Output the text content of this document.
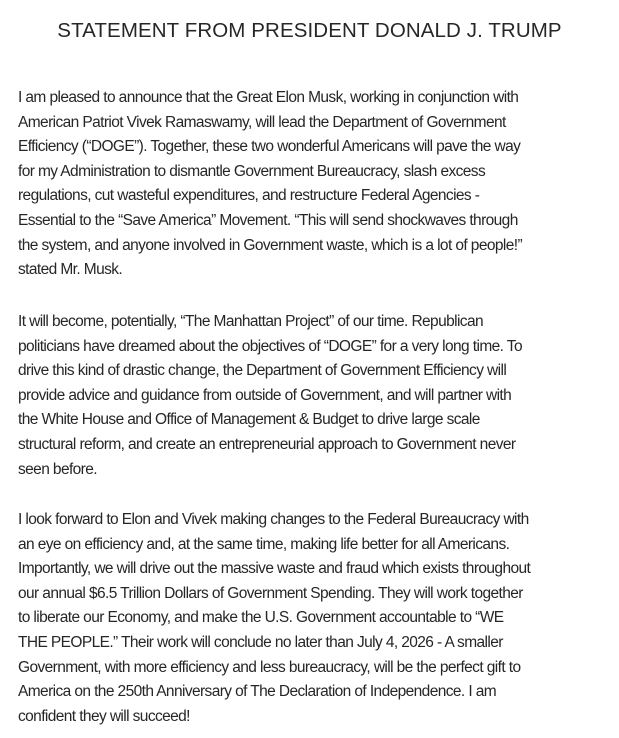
STATEMENT FROM PRESIDENT DONALD J. TRUMP
I am pleased to announce that the Great Elon Musk, working in conjunction with
American Patriot Vivek Ramaswamy, will lead the Department of Government
Efficiency (“DOGE”). Together, these two wonderful Americans will pave the way
for my Administration to dismantle Government Bureaucracy, slash excess
regulations, cut wasteful expenditures, and restructure Federal Agencies -
Essential to the “Save America” Movement. “This will send shockwaves through
the system, and anyone involved in Government waste, which is a lot of people!”
stated Mr. Musk.
It will become, potentially, “The Manhattan Project” of our time. Republican
politicians have dreamed about the objectives of “DOGE” for a very long time. To
drive this kind of drastic change, the Department of Government Efficiency will
provide advice and guidance from outside of Government, and will partner with
the White House and Office of Management & Budget to drive large scale
structural reform, and create an entrepreneurial approach to Government never
seen before.
I look forward to Elon and Vivek making changes to the Federal Bureaucracy with
an eye on efficiency and, at the same time, making life better for all Americans.
Importantly, we will drive out the massive waste and fraud which exists throughout
our annual $6.5 Trillion Dollars of Government Spending. They will work together
to liberate our Economy, and make the U.S. Government accountable to “WE
THE PEOPLE.” Their work will conclude no later than July 4, 2026 - A smaller
Government, with more efficiency and less bureaucracy, will be the perfect gift to
America on the 250th Anniversary of The Declaration of Independence. I am
confident they will succeed!
